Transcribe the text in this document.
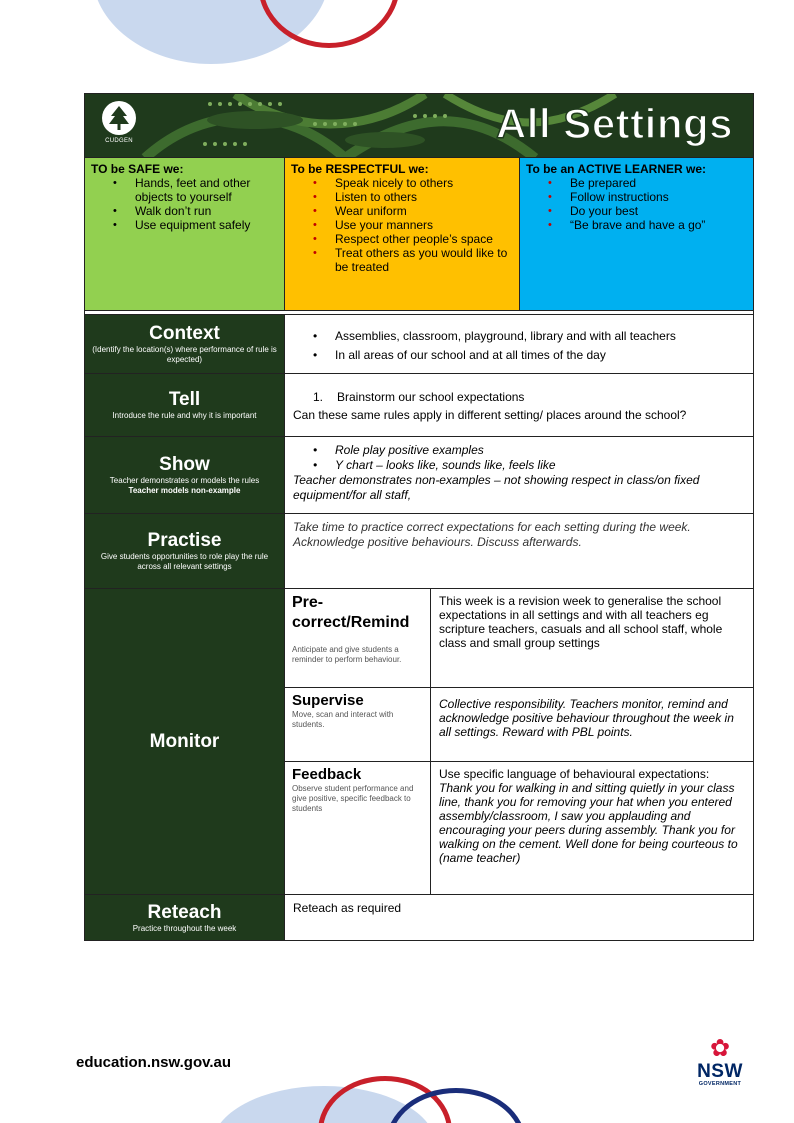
CUDGEN	All Settings
TO be SAFE we:
• Hands, feet and other objects to yourself
• Walk don’t run
• Use equipment safely
To be RESPECTFUL we:
• Speak nicely to others
• Listen to others
• Wear uniform
• Use your manners
• Respect other people’s space
• Treat others as you would like to be treated
To be an ACTIVE LEARNER we:
• Be prepared
• Follow instructions
• Do your best
• “Be brave and have a go”
Context
(Identify the location(s) where performance of rule is expected)
• Assemblies, classroom, playground, library and with all teachers
• In all areas of our school and at all times of the day
Tell
Introduce the rule and why it is important
1. Brainstorm our school expectations
Can these same rules apply in different setting/ places around the school?
Show
Teacher demonstrates or models the rules
Teacher models non-example
• Role play positive examples
• Y chart – looks like, sounds like, feels like
Teacher demonstrates non-examples – not showing respect in class/on fixed equipment/for all staff,
Practise
Give students opportunities to role play the rule across all relevant settings
Take time to practice correct expectations for each setting during the week. Acknowledge positive behaviours. Discuss afterwards.
Monitor
Pre-correct/Remind
Anticipate and give students a reminder to perform behaviour.
This week is a revision week to generalise the school expectations in all settings and with all teachers eg scripture teachers, casuals and all school staff, whole class and small group settings
Supervise
Move, scan and interact with students.
Collective responsibility. Teachers monitor, remind and acknowledge positive behaviour throughout the week in all settings. Reward with PBL points.
Feedback
Observe student performance and give positive, specific feedback to students
Use specific language of behavioural expectations:
Thank you for walking in and sitting quietly in your class line, thank you for removing your hat when you entered assembly/classroom, I saw you applauding and encouraging your peers during assembly. Thank you for walking on the cement. Well done for being courteous to (name teacher)
Reteach
Practice throughout the week
Reteach as required
education.nsw.gov.au
✿
NSW
GOVERNMENT
